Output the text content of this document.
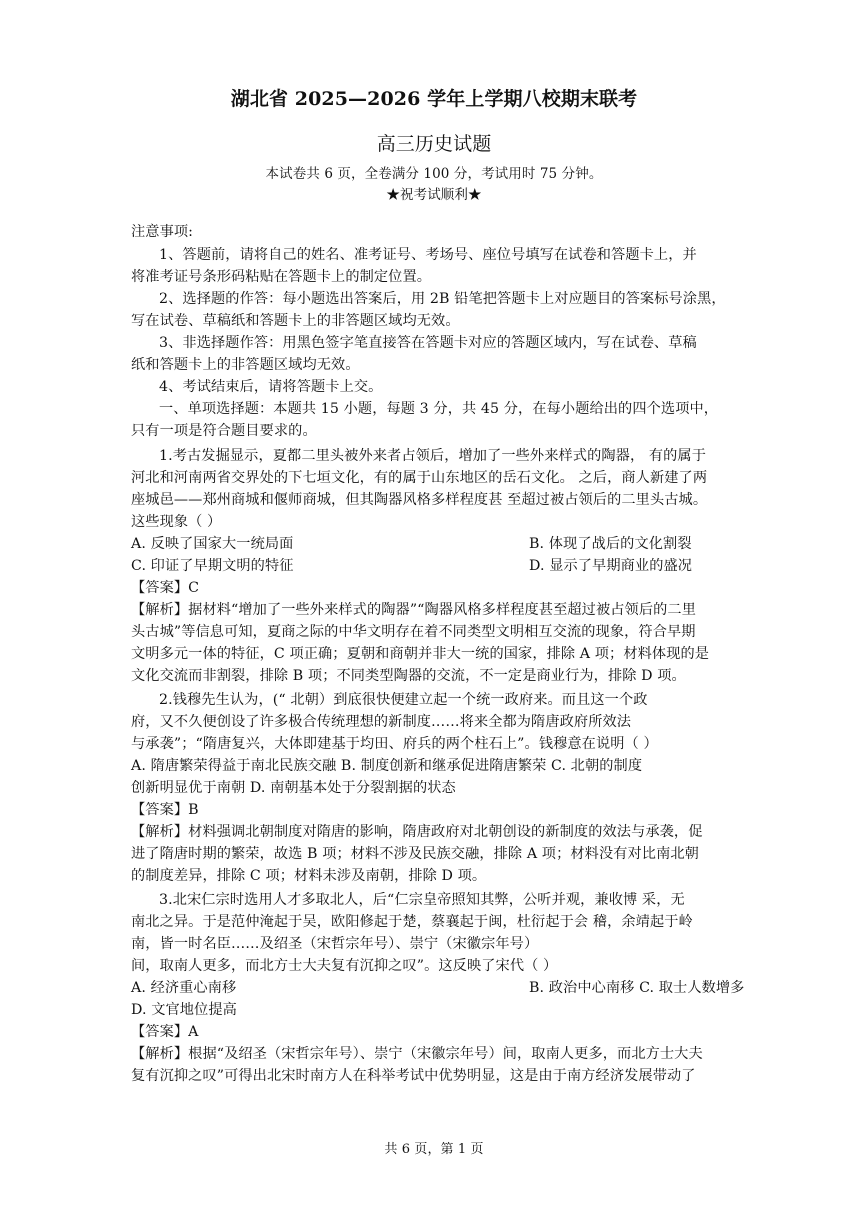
湖北省 2025—2026 学年上学期八校期末联考
高三历史试题
本试卷共 6 页，全卷满分 100 分，考试用时 75 分钟。
★祝考试顺利★
注意事项:
1、答题前，请将自己的姓名、准考证号、考场号、座位号填写在试卷和答题卡上，并
将准考证号条形码粘贴在答题卡上的制定位置。
2、选择题的作答：每小题选出答案后，用 2B 铅笔把答题卡上对应题目的答案标号涂黑，
写在试卷、草稿纸和答题卡上的非答题区域均无效。
3、非选择题作答：用黑色签字笔直接答在答题卡对应的答题区域内，写在试卷、草稿
纸和答题卡上的非答题区域均无效。
4、考试结束后，请将答题卡上交。
一、单项选择题：本题共 15 小题，每题 3 分，共 45 分，在每小题给出的四个选项中，
只有一项是符合题目要求的。
1.考古发掘显示，夏都二里头被外来者占领后，增加了一些外来样式的陶器， 有的属于
河北和河南两省交界处的下七垣文化，有的属于山东地区的岳石文化。 之后，商人新建了两
座城邑——郑州商城和偃师商城，但其陶器风格多样程度甚 至超过被占领后的二里头古城。
这些现象（ ）
A. 反映了国家大一统局面	B. 体现了战后的文化割裂
C. 印证了早期文明的特征	D. 显示了早期商业的盛况
【答案】C
【解析】据材料“增加了一些外来样式的陶器”“陶器风格多样程度甚至超过被占领后的二里
头古城”等信息可知，夏商之际的中华文明存在着不同类型文明相互交流的现象，符合早期
文明多元一体的特征，C 项正确；夏朝和商朝并非大一统的国家，排除 A 项；材料体现的是
文化交流而非割裂，排除 B 项；不同类型陶器的交流，不一定是商业行为，排除 D 项。
2.钱穆先生认为，(“ 北朝）到底很快便建立起一个统一政府来。而且这一个政
府，又不久便创设了许多极合传统理想的新制度……将来全都为隋唐政府所效法
与承袭”；“隋唐复兴，大体即建基于均田、府兵的两个柱石上”。钱穆意在说明（ ）
A. 隋唐繁荣得益于南北民族交融 B. 制度创新和继承促进隋唐繁荣 C. 北朝的制度
创新明显优于南朝 D. 南朝基本处于分裂割据的状态
【答案】B
【解析】材料强调北朝制度对隋唐的影响，隋唐政府对北朝创设的新制度的效法与承袭，促
进了隋唐时期的繁荣，故选 B 项；材料不涉及民族交融，排除 A 项；材料没有对比南北朝
的制度差异，排除 C 项；材料未涉及南朝，排除 D 项。
3.北宋仁宗时选用人才多取北人，后“仁宗皇帝照知其弊，公听并观，兼收博 采，无
南北之异。于是范仲淹起于吴，欧阳修起于楚，蔡襄起于闽，杜衍起于会 稽，余靖起于岭
南，皆一时名臣……及绍圣（宋哲宗年号）、崇宁（宋徽宗年号）
间，取南人更多，而北方士大夫复有沉抑之叹”。这反映了宋代（ ）
A. 经济重心南移	B. 政治中心南移 C. 取士人数增多
D. 文官地位提高
【答案】A
【解析】根据“及绍圣（宋哲宗年号）、崇宁（宋徽宗年号）间，取南人更多，而北方士大夫
复有沉抑之叹”可得出北宋时南方人在科举考试中优势明显，这是由于南方经济发展带动了
共 6 页，第 1 页
